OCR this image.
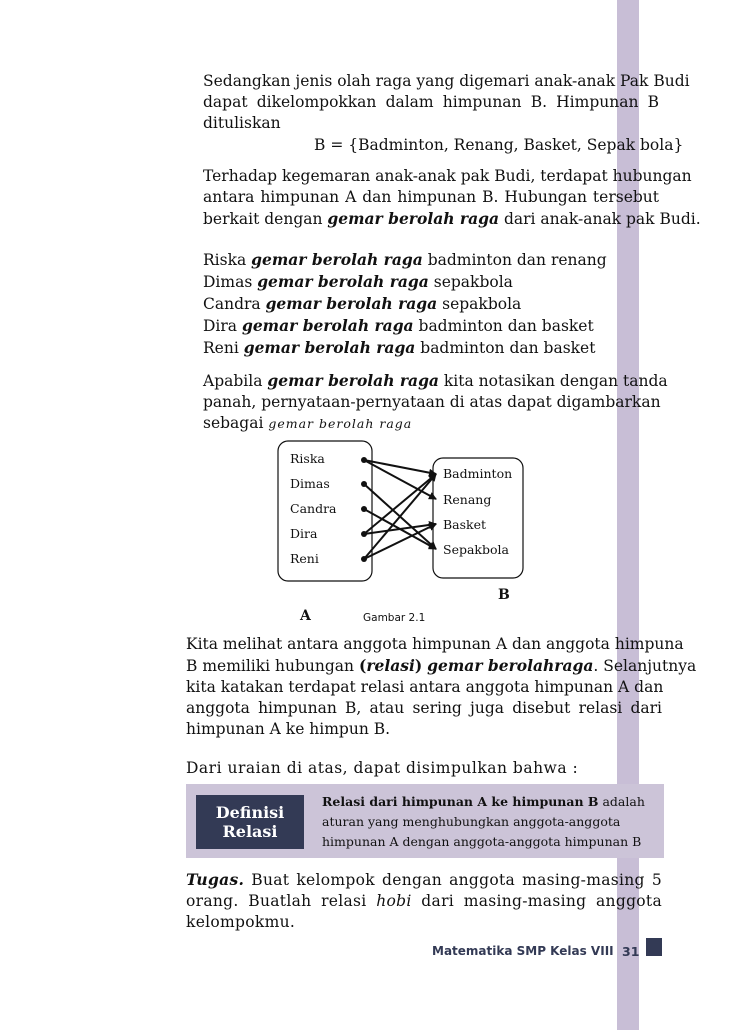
Sedangkan jenis olah raga yang digemari anak-anak Pak Budi
dapat dikelompokkan dalam himpunan B. Himpunan B
dituliskan
B = {Badminton, Renang, Basket, Sepak bola}
Terhadap kegemaran anak-anak pak Budi, terdapat hubungan
antara himpunan A dan himpunan B. Hubungan tersebut
berkait dengan gemar berolah raga dari anak-anak pak Budi.
Riska gemar berolah raga badminton dan renang
Dimas gemar berolah raga sepakbola
Candra gemar berolah raga sepakbola
Dira gemar berolah raga badminton dan basket
Reni gemar berolah raga badminton dan basket
Apabila gemar berolah raga kita notasikan dengan tanda
panah, pernyataan-pernyataan di atas dapat digambarkan
sebagai gemar berolah raga
Riska
Dimas
Candra
Dira
Reni
Badminton
Renang
Basket
Sepakbola
B
A	Gambar 2.1
Kita melihat antara anggota himpunan A dan anggota himpuna
B memiliki hubungan (relasi) gemar berolahraga. Selanjutnya
kita katakan terdapat relasi antara anggota himpunan A dan
anggota himpunan B, atau sering juga disebut relasi dari
himpunan A ke himpun B.
Dari uraian di atas, dapat disimpulkan bahwa :
Definisi
Relasi
Relasi dari himpunan A ke himpunan B adalah
aturan yang menghubungkan anggota-anggota
himpunan A dengan anggota-anggota himpunan B
Tugas. Buat kelompok dengan anggota masing-masing 5
orang. Buatlah relasi hobi dari masing-masing anggota
kelompokmu.
Matematika SMP Kelas VIII 31
